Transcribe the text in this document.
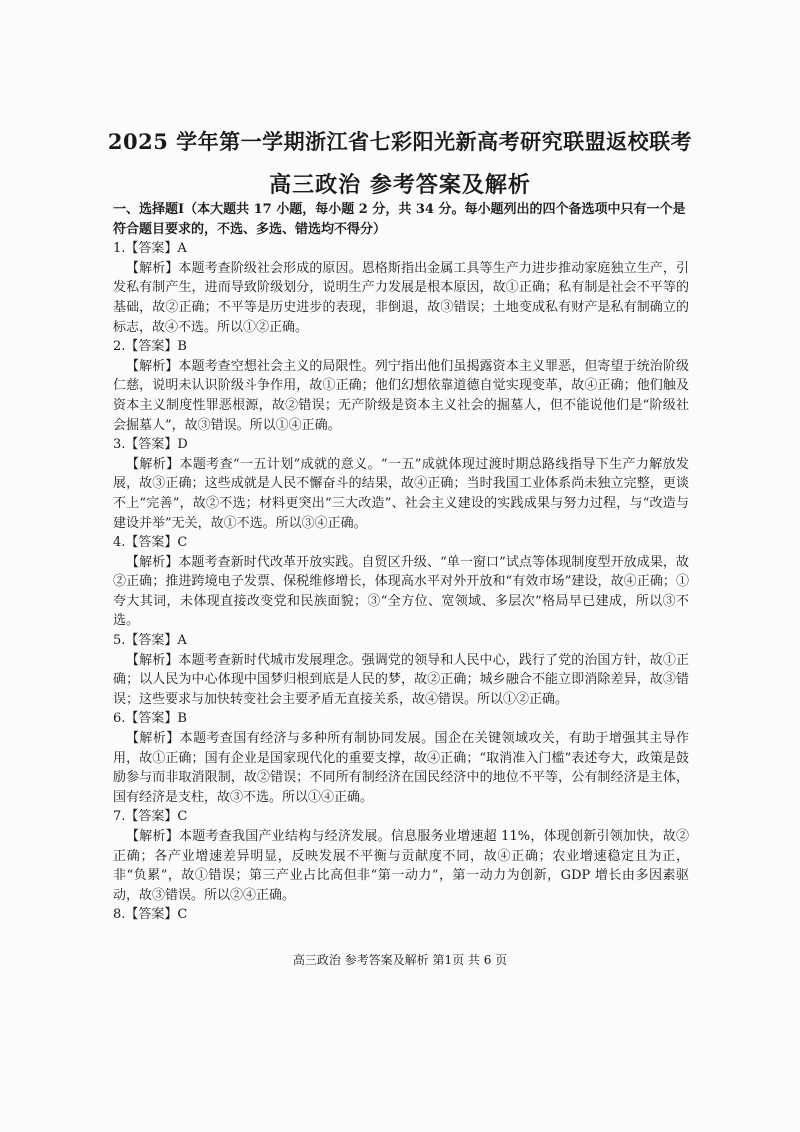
2025 学年第一学期浙江省七彩阳光新高考研究联盟返校联考
高三政治 参考答案及解析

一、选择题Ⅰ（本大题共 17 小题，每小题 2 分，共 34 分。每小题列出的四个备选项中只有一个是符合题目要求的，不选、多选、错选均不得分）

1.【答案】A

【解析】本题考查阶级社会形成的原因。恩格斯指出金属工具等生产力进步推动家庭独立生产，引发私有制产生，进而导致阶级划分，说明生产力发展是根本原因，故①正确；私有制是社会不平等的基础，故②正确；不平等是历史进步的表现，非倒退，故③错误；土地变成私有财产是私有制确立的标志，故④不选。所以①②正确。

2.【答案】B

【解析】本题考查空想社会主义的局限性。列宁指出他们虽揭露资本主义罪恶，但寄望于统治阶级仁慈，说明未认识阶级斗争作用，故①正确；他们幻想依靠道德自觉实现变革，故④正确；他们触及资本主义制度性罪恶根源，故②错误；无产阶级是资本主义社会的掘墓人，但不能说他们是“阶级社会掘墓人”，故③错误。所以①④正确。

3.【答案】D

【解析】本题考查“一五计划”成就的意义。“一五”成就体现过渡时期总路线指导下生产力解放发展，故③正确；这些成就是人民不懈奋斗的结果，故④正确；当时我国工业体系尚未独立完整，更谈不上“完善”，故②不选；材料更突出“三大改造”、社会主义建设的实践成果与努力过程，与“改造与建设并举”无关，故①不选。所以③④正确。

4.【答案】C

【解析】本题考查新时代改革开放实践。自贸区升级、“单一窗口”试点等体现制度型开放成果，故②正确；推进跨境电子发票、保税维修增长，体现高水平对外开放和“有效市场”建设，故④正确；①夸大其词，未体现直接改变党和民族面貌；③“全方位、宽领域、多层次”格局早已建成，所以③不选。

5.【答案】A

【解析】本题考查新时代城市发展理念。强调党的领导和人民中心，践行了党的治国方针，故①正确；以人民为中心体现中国梦归根到底是人民的梦，故②正确；城乡融合不能立即消除差异，故③错误；这些要求与加快转变社会主要矛盾无直接关系，故④错误。所以①②正确。

6.【答案】B

【解析】本题考查国有经济与多种所有制协同发展。国企在关键领域攻关，有助于增强其主导作用，故①正确；国有企业是国家现代化的重要支撑，故④正确；“取消准入门槛”表述夸大，政策是鼓励参与而非取消限制，故②错误；不同所有制经济在国民经济中的地位不平等，公有制经济是主体，国有经济是支柱，故③不选。所以①④正确。

7.【答案】C

【解析】本题考查我国产业结构与经济发展。信息服务业增速超 11%，体现创新引领加快，故②正确；各产业增速差异明显，反映发展不平衡与贡献度不同，故④正确；农业增速稳定且为正，非“负累”，故①错误；第三产业占比高但非“第一动力”，第一动力为创新，GDP 增长由多因素驱动，故③错误。所以②④正确。

8.【答案】C

高三政治 参考答案及解析 第1页 共 6 页
